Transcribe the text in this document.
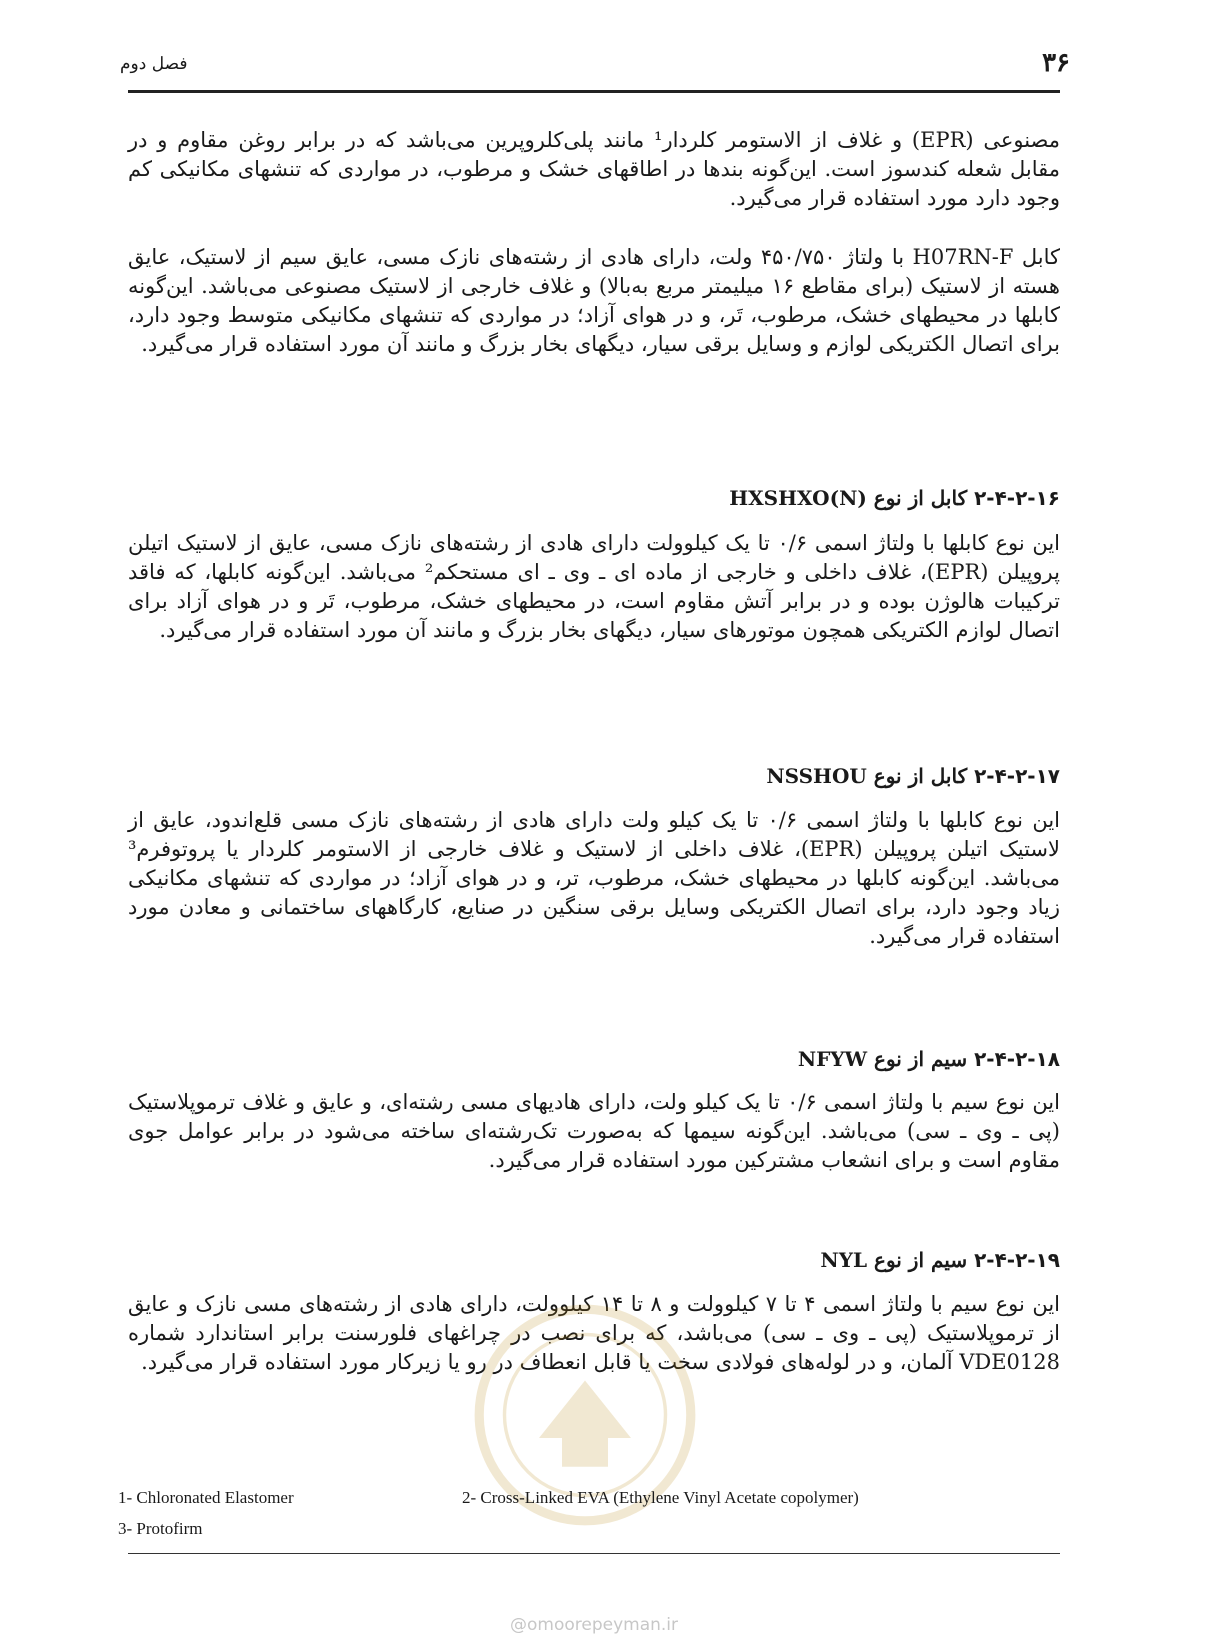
۳۶
فصل دوم
مصنوعی (EPR) و غلاف از الاستومر کلردار¹ مانند پلی‌کلروپرین می‌باشد که در برابر روغن مقاوم و در مقابل شعله کندسوز است. این‌گونه بندها در اطاقهای خشک و مرطوب، در مواردی که تنشهای مکانیکی کم وجود دارد مورد استفاده قرار می‌گیرد.
کابل H07RN-F با ولتاژ ۴۵۰/۷۵۰ ولت، دارای هادی از رشته‌های نازک مسی، عایق سیم از لاستیک، عایق هسته از لاستیک (برای مقاطع ۱۶ میلیمتر مربع به‌بالا) و غلاف خارجی از لاستیک مصنوعی می‌باشد. این‌گونه کابلها در محیطهای خشک، مرطوب، تَر، و در هوای آزاد؛ در مواردی که تنشهای مکانیکی متوسط وجود دارد، برای اتصال الکتریکی لوازم و وسایل برقی سیار، دیگهای بخار بزرگ و مانند آن مورد استفاده قرار می‌گیرد.
۲-۴-۲-۱۶ کابل از نوع (N)HXSHXO
این نوع کابلها با ولتاژ اسمی ۰/۶ تا یک کیلوولت دارای هادی از رشته‌های نازک مسی، عایق از لاستیک اتیلن پروپیلن (EPR)، غلاف داخلی و خارجی از ماده ای ـ وی ـ ای مستحکم² می‌باشد. این‌گونه کابلها، که فاقد ترکیبات هالوژن بوده و در برابر آتش مقاوم است، در محیطهای خشک، مرطوب، تَر و در هوای آزاد برای اتصال لوازم الکتریکی همچون موتورهای سیار، دیگهای بخار بزرگ و مانند آن مورد استفاده قرار می‌گیرد.
۲-۴-۲-۱۷ کابل از نوع NSSHOU
این نوع کابلها با ولتاژ اسمی ۰/۶ تا یک کیلو ولت دارای هادی از رشته‌های نازک مسی قلع‌اندود، عایق از لاستیک اتیلن پروپیلن (EPR)، غلاف داخلی از لاستیک و غلاف خارجی از الاستومر کلردار یا پروتوفرم³ می‌باشد. این‌گونه کابلها در محیطهای خشک، مرطوب، تر، و در هوای آزاد؛ در مواردی که تنشهای مکانیکی زیاد وجود دارد، برای اتصال الکتریکی وسایل برقی سنگین در صنایع، کارگاههای ساختمانی و معادن مورد استفاده قرار می‌گیرد.
۲-۴-۲-۱۸ سیم از نوع NFYW
این نوع سیم با ولتاژ اسمی ۰/۶ تا یک کیلو ولت، دارای هادیهای مسی رشته‌ای، و عایق و غلاف ترموپلاستیک (پی ـ وی ـ سی) می‌باشد. این‌گونه سیمها که به‌صورت تک‌رشته‌ای ساخته می‌شود در برابر عوامل جوی مقاوم است و برای انشعاب مشترکین مورد استفاده قرار می‌گیرد.
۲-۴-۲-۱۹ سیم از نوع NYL
این نوع سیم با ولتاژ اسمی ۴ تا ۷ کیلوولت و ۸ تا ۱۴ کیلوولت، دارای هادی از رشته‌های مسی نازک و عایق از ترموپلاستیک (پی ـ وی ـ سی) می‌باشد، که برای نصب در چراغهای فلورسنت برابر استاندارد شماره VDE0128 آلمان، و در لوله‌های فولادی سخت یا قابل انعطاف در رو یا زیرکار مورد استفاده قرار می‌گیرد.
1- Chloronated Elastomer	2- Cross-Linked EVA (Ethylene Vinyl Acetate copolymer)
3- Protofirm
@omoorepeyman.ir
